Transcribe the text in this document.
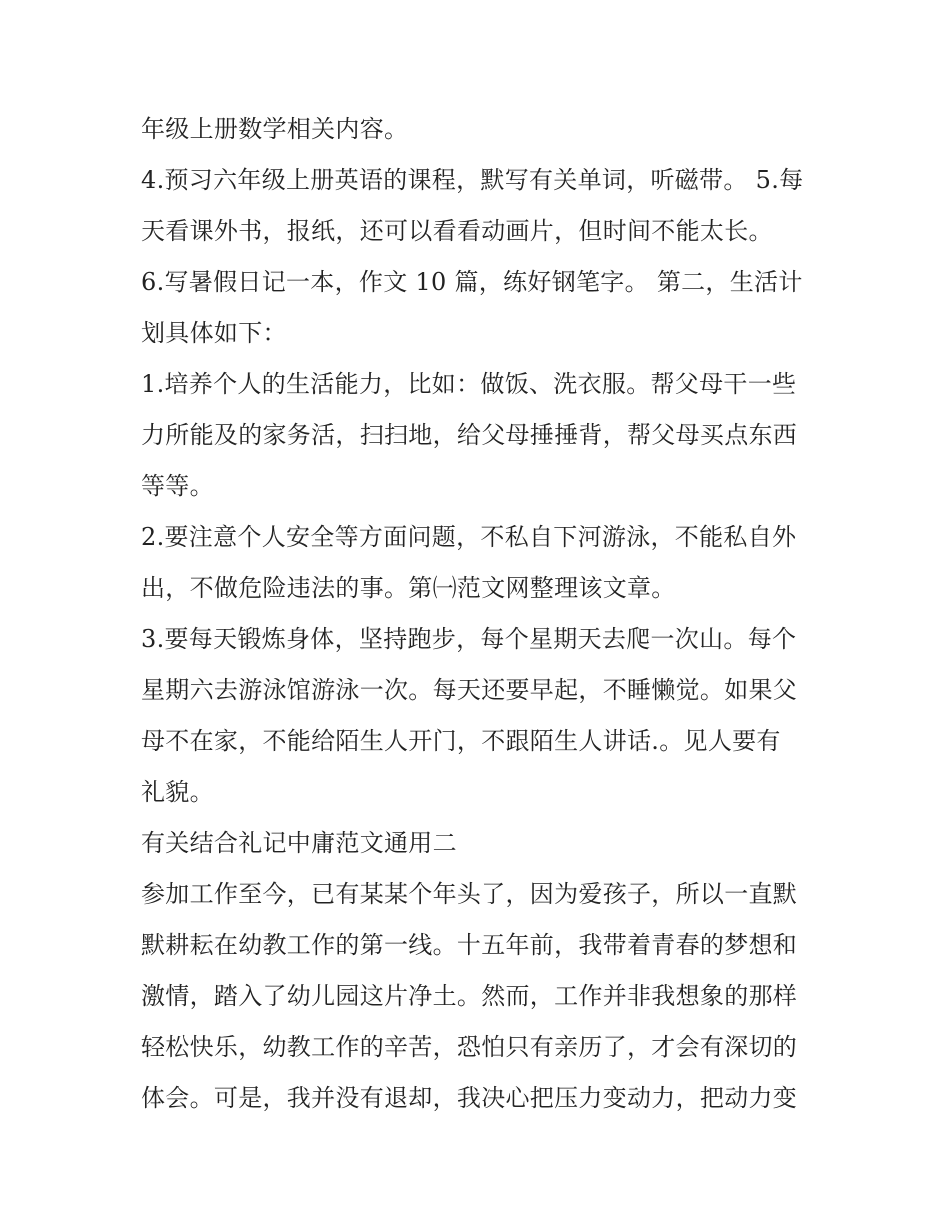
年级上册数学相关内容。
4.预习六年级上册英语的课程，默写有关单词，听磁带。 5.每
天看课外书，报纸，还可以看看动画片，但时间不能太长。
6.写暑假日记一本，作文 10 篇，练好钢笔字。 第二，生活计
划具体如下：
1.培养个人的生活能力，比如：做饭、洗衣服。帮父母干一些
力所能及的家务活，扫扫地，给父母捶捶背，帮父母买点东西
等等。
2.要注意个人安全等方面问题，不私自下河游泳，不能私自外
出，不做危险违法的事。第㈠范文网整理该文章。
3.要每天锻炼身体，坚持跑步，每个星期天去爬一次山。每个
星期六去游泳馆游泳一次。每天还要早起，不睡懒觉。如果父
母不在家，不能给陌生人开门，不跟陌生人讲话.。见人要有
礼貌。
有关结合礼记中庸范文通用二
参加工作至今，已有某某个年头了，因为爱孩子，所以一直默
默耕耘在幼教工作的第一线。十五年前，我带着青春的梦想和
激情，踏入了幼儿园这片净土。然而，工作并非我想象的那样
轻松快乐，幼教工作的辛苦，恐怕只有亲历了，才会有深切的
体会。可是，我并没有退却，我决心把压力变动力，把动力变
